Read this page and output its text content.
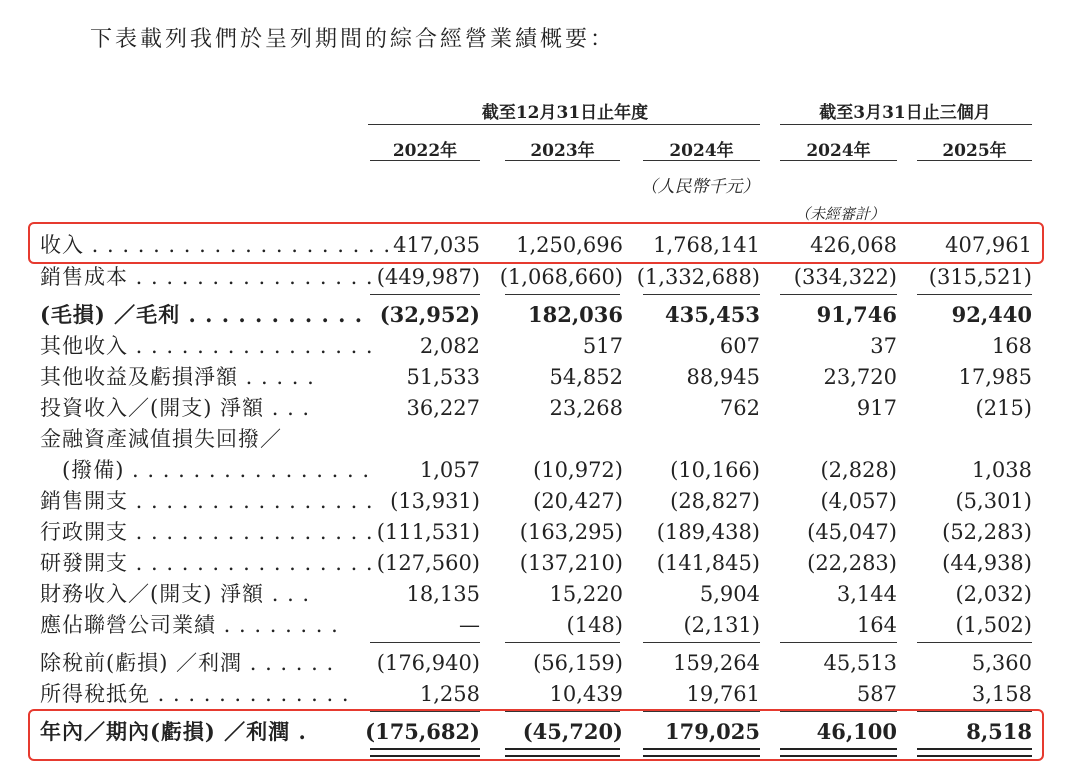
下表載列我們於呈列期間的綜合經營業績概要：
截至12月31日止年度	截至3月31日止三個月
2022年	2023年	2024年	2024年	2025年
（人民幣千元）
（未經審計）
收入 . . . . . . . . . . . . . . . . . . . . 417,035	1,250,696	1,768,141	426,068	407,961
銷售成本 . . . . . . . . . . . . . . . . (449,987) (1,068,660) (1,332,688)	(334,322)	(315,521)
(毛損) ／毛利 . . . . . . . . . . . (32,952)	182,036	435,453	91,746	92,440
其他收入 . . . . . . . . . . . . . . . .	2,082	517	607	37	168
其他收益及虧損淨額 . . . . .	51,533	54,852	88,945	23,720	17,985
投資收入／(開支) 淨額 . . .	36,227	23,268	762	917	(215)
金融資產減值損失回撥／
(撥備) . . . . . . . . . . . . . . . .	1,057	(10,972)	(10,166)	(2,828)	1,038
銷售開支 . . . . . . . . . . . . . . . . (13,931)	(20,427)	(28,827)	(4,057)	(5,301)
行政開支 . . . . . . . . . . . . . . . . (111,531)	(163,295)	(189,438)	(45,047)	(52,283)
研發開支 . . . . . . . . . . . . . . . . (127,560)	(137,210)	(141,845)	(22,283)	(44,938)
財務收入／(開支) 淨額 . . .	18,135	15,220	5,904	3,144	(2,032)
應佔聯營公司業績 . . . . . . . .	—	(148)	(2,131)	164	(1,502)
除稅前(虧損) ／利潤 . . . . . .	(176,940)	(56,159)	159,264	45,513	5,360
所得稅抵免 . . . . . . . . . . . . .	1,258	10,439	19,761	587	3,158
年內／期內(虧損) ／利潤 .	(175,682)	(45,720)	179,025	46,100	8,518
